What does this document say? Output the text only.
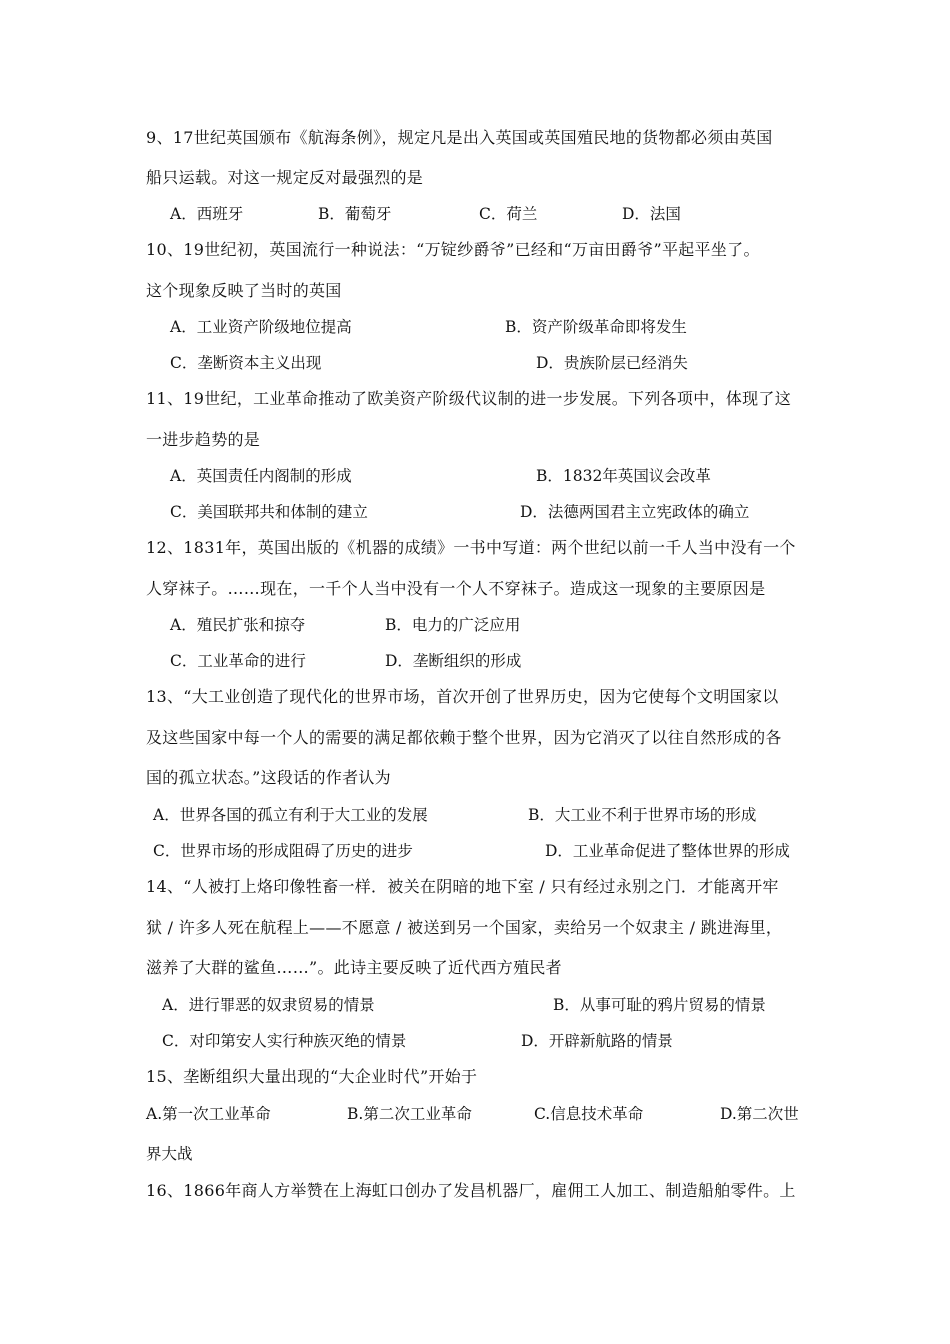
9、17世纪英国颁布《航海条例》，规定凡是出入英国或英国殖民地的货物都必须由英国
船只运载。对这一规定反对最强烈的是
A．西班牙	B．葡萄牙	C．荷兰	D．法国
10、19世纪初，英国流行一种说法：“万锭纱爵爷”已经和“万亩田爵爷”平起平坐了。
这个现象反映了当时的英国
A．工业资产阶级地位提高	B．资产阶级革命即将发生
C．垄断资本主义出现	D．贵族阶层已经消失
11、19世纪，工业革命推动了欧美资产阶级代议制的进一步发展。下列各项中，体现了这
一进步趋势的是
A．英国责任内阁制的形成	B．1832年英国议会改革
C．美国联邦共和体制的建立	D．法德两国君主立宪政体的确立
12、1831年，英国出版的《机器的成绩》一书中写道：两个世纪以前一千人当中没有一个
人穿袜子。……现在，一千个人当中没有一个人不穿袜子。造成这一现象的主要原因是
A．殖民扩张和掠夺	B．电力的广泛应用
C．工业革命的进行	D．垄断组织的形成
13、“大工业创造了现代化的世界市场，首次开创了世界历史，因为它使每个文明国家以
及这些国家中每一个人的需要的满足都依赖于整个世界，因为它消灭了以往自然形成的各
国的孤立状态。”这段话的作者认为
A．世界各国的孤立有利于大工业的发展	B．大工业不利于世界市场的形成
C．世界市场的形成阻碍了历史的进步	D．工业革命促进了整体世界的形成
14、“人被打上烙印像牲畜一样．被关在阴暗的地下室 / 只有经过永别之门．才能离开牢
狱 / 许多人死在航程上——不愿意 / 被送到另一个国家，卖给另一个奴隶主 / 跳进海里，
滋养了大群的鲨鱼……”。此诗主要反映了近代西方殖民者
A．进行罪恶的奴隶贸易的情景	B．从事可耻的鸦片贸易的情景
C．对印第安人实行种族灭绝的情景	D．开辟新航路的情景
15、垄断组织大量出现的“大企业时代”开始于
A.第一次工业革命	B.第二次工业革命	C.信息技术革命	D.第二次世
界大战
16、1866年商人方举赞在上海虹口创办了发昌机器厂，雇佣工人加工、制造船舶零件。上
